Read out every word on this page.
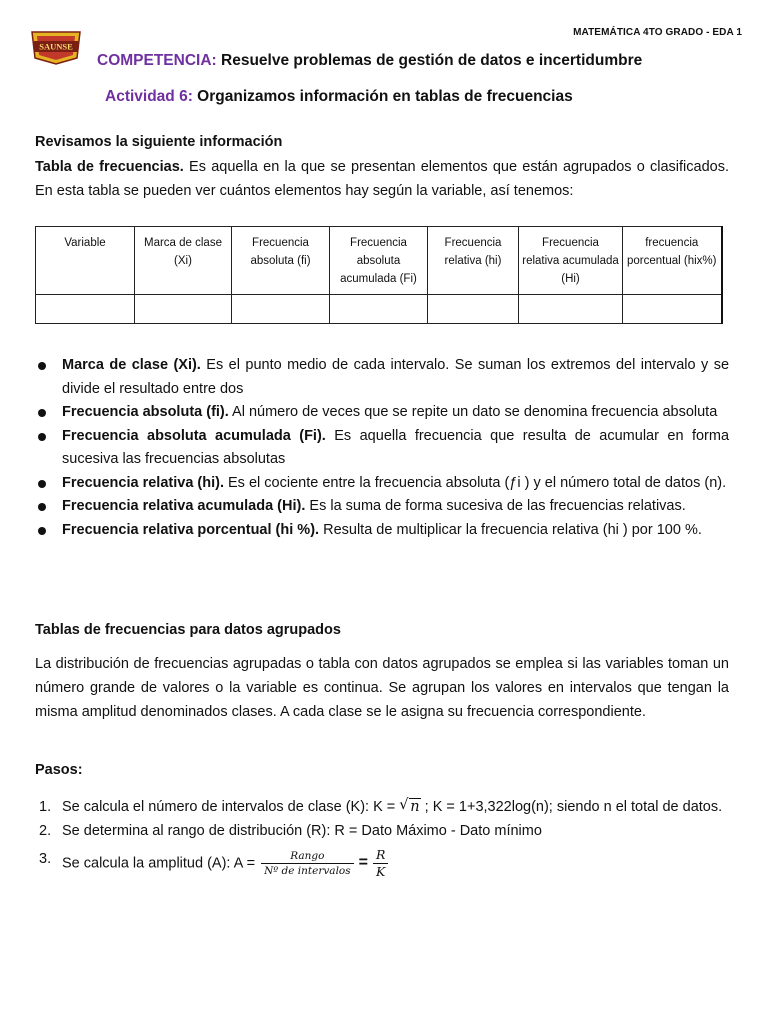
SAUNSE
MATEMÁTICA 4TO GRADO - EDA 1
COMPETENCIA: Resuelve problemas de gestión de datos e incertidumbre
Actividad 6: Organizamos información en tablas de frecuencias
Revisamos la siguiente información
Tabla de frecuencias. Es aquella en la que se presentan elementos que están agrupados o clasificados. En esta tabla se pueden ver cuántos elementos hay según la variable, así tenemos:
Variable	Marca de clase (Xi)	Frecuencia absoluta (fi)	Frecuencia absoluta acumulada (Fi)	Frecuencia relativa (hi)	Frecuencia relativa acumulada (Hi)	frecuencia porcentual (hix%)

Marca de clase (Xi). Es el punto medio de cada intervalo. Se suman los extremos del intervalo y se divide el resultado entre dos
Frecuencia absoluta (fi). Al número de veces que se repite un dato se denomina frecuencia absoluta
Frecuencia absoluta acumulada (Fi). Es aquella frecuencia que resulta de acumular en forma sucesiva las frecuencias absolutas
Frecuencia relativa (hi). Es el cociente entre la frecuencia absoluta (ƒi ) y el número total de datos (n).
Frecuencia relativa acumulada (Hi). Es la suma de forma sucesiva de las frecuencias relativas.
Frecuencia relativa porcentual (hi %). Resulta de multiplicar la frecuencia relativa (hi ) por 100 %.
Tablas de frecuencias para datos agrupados
La distribución de frecuencias agrupadas o tabla con datos agrupados se emplea si las variables toman un número grande de valores o la variable es continua. Se agrupan los valores en intervalos que tengan la misma amplitud denominados clases. A cada clase se le asigna su frecuencia correspondiente.
Pasos:
1. Se calcula el número de intervalos de clase (K): K = √ n ; K = 1+3,322log(n); siendo n el total de datos.
2. Se determina al rango de distribución (R): R = Dato Máximo - Dato mínimo
3. Se calcula la amplitud (A): $A = \frac{\text{Rango}}{\text{Nº de intervalos}} = \frac{R}{K}$
